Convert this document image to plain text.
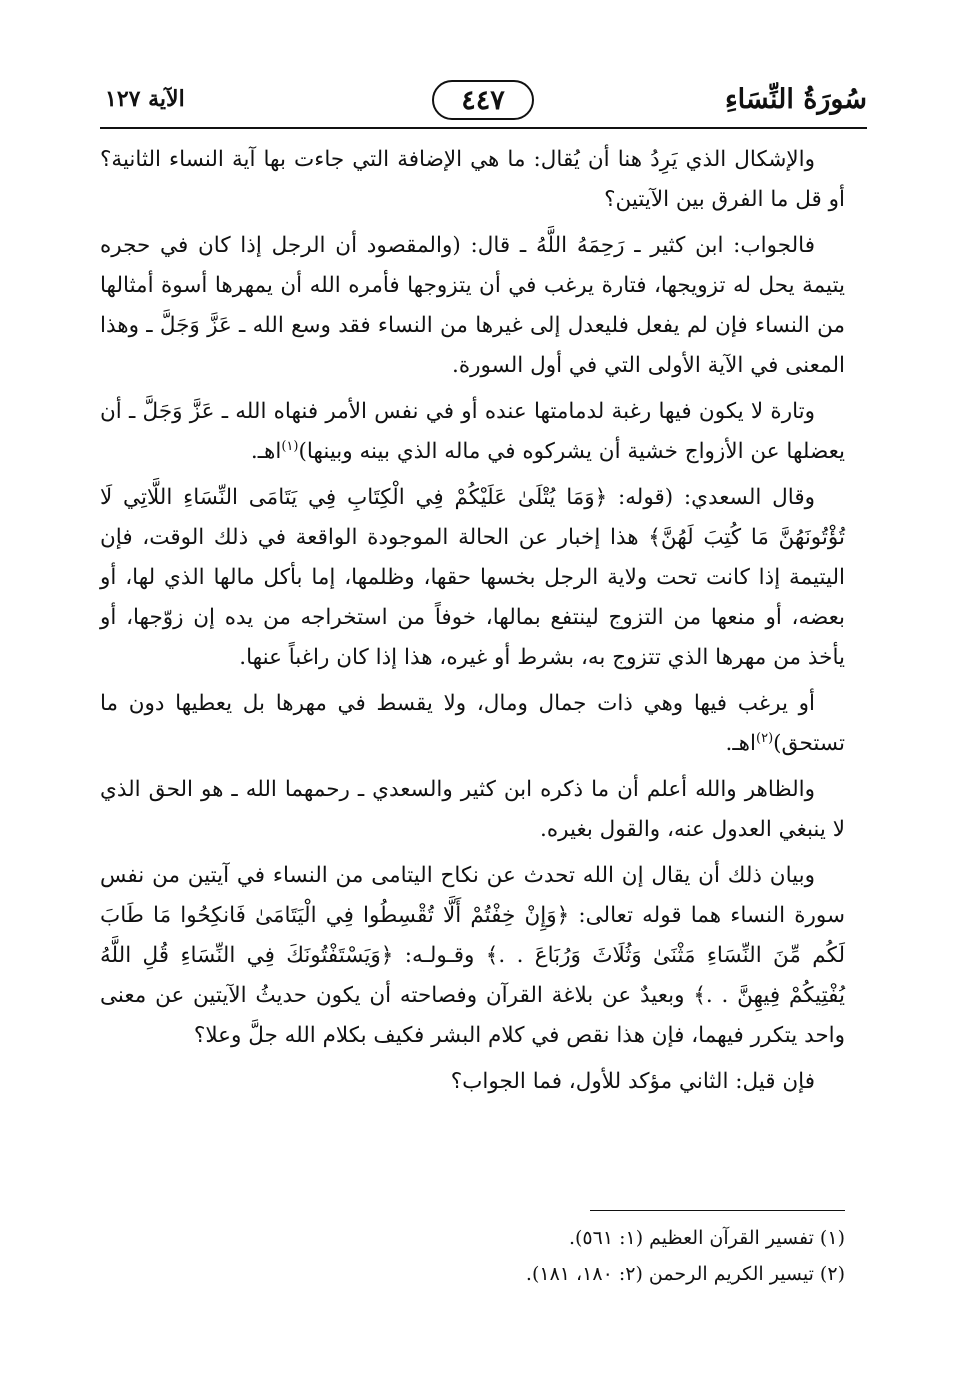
سُورَةُ النِّسَاءِ
٤٤٧
الآية ١٢٧

والإشكال الذي يَرِدُ هنا أن يُقال: ما هي الإضافة التي جاءت بها آية النساء الثانية؟ أو قل ما الفرق بين الآيتين؟

فالجواب: ابن كثير ـ رَحِمَهُ اللَّهُ ـ قال: (والمقصود أن الرجل إذا كان في حجره يتيمة يحل له تزويجها، فتارة يرغب في أن يتزوجها فأمره الله أن يمهرها أسوة أمثالها من النساء فإن لم يفعل فليعدل إلى غيرها من النساء فقد وسع الله ـ عَزَّ وَجَلَّ ـ وهذا المعنى في الآية الأولى التي في أول السورة.

وتارة لا يكون فيها رغبة لدمامتها عنده أو في نفس الأمر فنهاه الله ـ عَزَّ وَجَلَّ ـ أن يعضلها عن الأزواج خشية أن يشركوه في ماله الذي بينه وبينها)$^{(١)}$اهـ.

وقال السعدي: (قوله: ﴿وَمَا يُتْلَىٰ عَلَيْكُمْ فِي الْكِتَابِ فِي يَتَامَى النِّسَاءِ اللَّاتِي لَا تُؤْتُونَهُنَّ مَا كُتِبَ لَهُنَّ﴾ هذا إخبار عن الحالة الموجودة الواقعة في ذلك الوقت، فإن اليتيمة إذا كانت تحت ولاية الرجل بخسها حقها، وظلمها، إما بأكل مالها الذي لها، أو بعضه، أو منعها من التزوج لينتفع بمالها، خوفاً من استخراجه من يده إن زوّجها، أو يأخذ من مهرها الذي تتزوج به، بشرط أو غيره، هذا إذا كان راغباً عنها.

أو يرغب فيها وهي ذات جمال ومال، ولا يقسط في مهرها بل يعطيها دون ما تستحق)$^{(٢)}$اهـ.

والظاهر والله أعلم أن ما ذكره ابن كثير والسعدي ـ رحمهما الله ـ هو الحق الذي لا ينبغي العدول عنه، والقول بغيره.

وبيان ذلك أن يقال إن الله تحدث عن نكاح اليتامى من النساء في آيتين من نفس سورة النساء هما قوله تعالى: ﴿وَإِنْ خِفْتُمْ أَلَّا تُقْسِطُوا فِي الْيَتَامَىٰ فَانكِحُوا مَا طَابَ لَكُم مِّنَ النِّسَاءِ مَثْنَىٰ وَثُلَاثَ وَرُبَاعَ . .﴾ وقـولـه: ﴿وَيَسْتَفْتُونَكَ فِي النِّسَاءِ قُلِ اللَّهُ يُفْتِيكُمْ فِيهِنَّ . .﴾ وبعيدٌ عن بلاغة القرآن وفصاحته أن يكون حديثُ الآيتين عن معنى واحد يتكرر فيهما، فإن هذا نقص في كلام البشر فكيف بكلام الله جلَّ وعلا؟

فإن قيل: الثاني مؤكد للأول، فما الجواب؟

(١) تفسير القرآن العظيم (١: ٥٦١).
(٢) تيسير الكريم الرحمن (٢: ١٨٠، ١٨١).
